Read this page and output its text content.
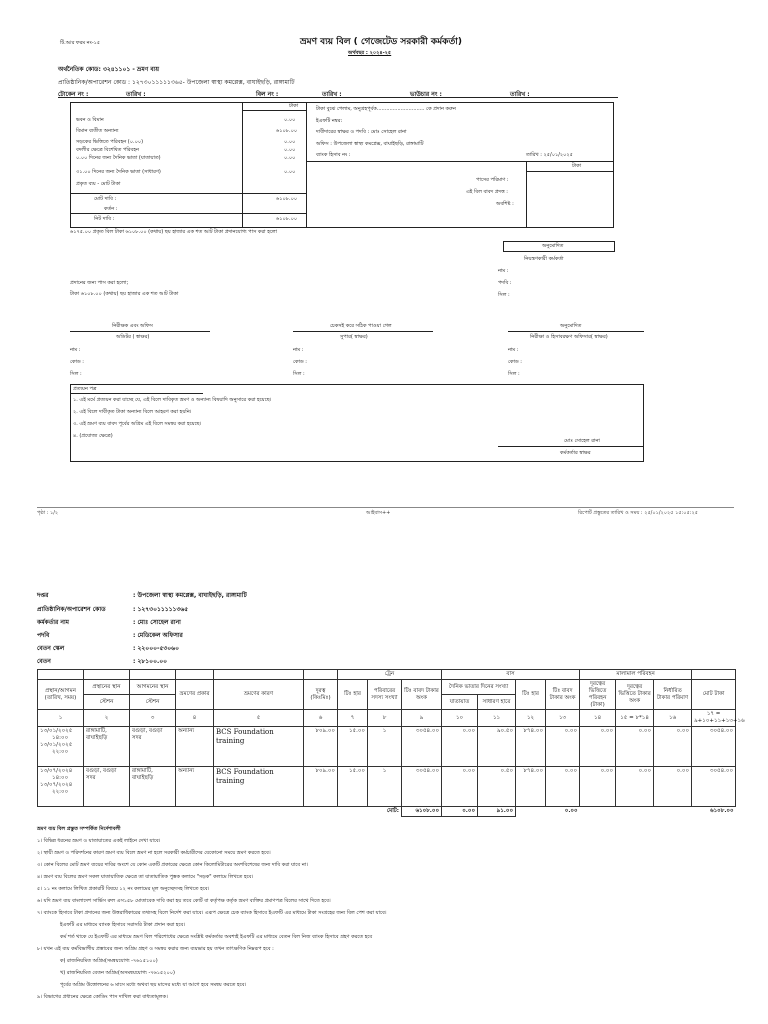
টি.আর ফরম নং-১৫	ভ্রমণ ব্যয় বিল ( গেজেটেড সরকারী কর্মকর্তা)
অর্থবছর : ২০২৪-২৫
অর্থনৈতিক কোড: ৩২৪১১০১ - ভ্রমণ ব্যয়
প্রাতিষ্ঠানিক/অপারেশন কোড : ১২৭৩০১১১১১৩৬৫- উপজেলা স্বাস্থ্য কমপ্লেক্স, বাঘাইছড়ি, রাঙ্গামাটি
টোকেন নং :	তারিখ :	বিল নং :	তারিখ :	ভাউচার নং :	তারিখ :
টাকা
ভবন ও বিমান	০.০০
বিমান ব্যতীত অন্যান্য	৬১০৮.০০
সড়কের ভিত্তিতে পরিবহন (০.০০)	০.০০
বদলীর ক্ষেত্রে বিশেষিত পরিবহন	০.০০
০.০০ দিনের জন্য দৈনিক ভাতা (যাতায়াত)	০.০০
৩১.০০ দিনের জন্য দৈনিক ভাতা (সাধারণ)	০.০০
প্রকৃত ব্যয় - মোট টাকা
মোট দাবি :	৬১০৮.০০
কর্তন :
নিট দাবি :	৬১০৮.০০
টাকা বুঝে পেলাম, অনুগ্রহপূর্বক.............................. কে প্রদান করুন
ইএফটি নম্বর:
দাবীদারের স্বাক্ষর ও পদবি : মোঃ সোহেল রানা
অফিস : উপজেলা স্বাস্থ্য কমপ্লেক্স, বাঘাইছড়ি, রাঙ্গামাটি
ব্যাংক হিসাব নং :	তারিখ : ২৫/০১/২০২৫
টাকা
পাসের পরিমাণ :
এই বিল বাবদ প্রদত্ত :
অবশিষ্ট :
৬১৭৫.০০ প্রকৃত বিল টাকা ৬১০৮.০০ (কথায়) ছয় হাজার এক শত আট টাকা প্রদানযোগ্য পাস করা হলো
অনুমোদিত
নিয়ন্ত্রণকারী কর্মকর্তা
নাম :
পদবি :
সিল :
প্রদানের জন্য পাস করা হলো;
টাকা ৬১০৮.০০ (কথায়) ছয় হাজার এক শত আট টাকা
নিরীক্ষক এবং অফিস
অডিটর ( স্বাক্ষর)
নাম :
কোড :
সিল :
চেকসই করে সঠিক পাওয়া গেল
সুপার( স্বাক্ষর)
নাম :
কোড :
সিল :
অনুমোদিত
নিরীক্ষা ও হিসাবরক্ষণ অফিসার( স্বাক্ষর)
নাম :
কোড :
সিল :
প্রত্যয়ন পত্র
১. এই মর্মে প্রত্যয়ন করা যাচ্ছে যে, এই বিলে দাবিকৃত ভ্রমণ ও অন্যান্য বিষয়াদি অনুসারে করা হয়েছে।
২. এই বিলে দাবীকৃত টাকা অন্যান্য বিলে আহরণ করা হয়নি।
৩. এই ভ্রমণ ব্যয় বাবদ পূর্বের অগ্রিম এই বিলে সমন্বয় করা হয়েছে।
৪. (প্রযোজ্য ক্ষেত্রে)
মোঃ সোহেল রানা
কর্মকর্তার স্বাক্ষর
পৃষ্ঠা : ১/২	আইবাস++	রিপোর্ট প্রস্তুতের তারিখ ও সময় : ২৫/০১/২০২৫ ১৫:০৫:২৫
দপ্তর	: উপজেলা স্বাস্থ্য কমপ্লেক্স, বাঘাইছড়ি, রাঙ্গামাটি
প্রাতিষ্ঠানিক/অপারেশন কোড	: ১২৭৩০১১১১১৩৬৫
কর্মকর্তার নাম	: মোঃ সোহেল রানা
পদবি	: মেডিকেল অফিসার
বেতন স্কেল	: ২২০০০-৫৩০৬০
বেতন	: ২৮১০০.০০
						ট্রেন			বাস				মালামাল পরিবহন			
প্রস্থান/আগমন (তারিখ, সময়)	প্রস্থানের স্থান	আগমনের স্থান	ভ্রমণের প্রকার	ভ্রমণের কারণ	দূরত্ব (কিঃমিঃ)	টিঃ হার	পরিবারের সদস্য সংখ্যা	টিঃ বাবদ টাকার অংক	দৈনিক ভাতার দিনের সংখ্যা		টিঃ হার	টিঃ বাবদ টাকার অংক	দূরত্বের ভিত্তিতে পরিবহন (টাকা)	দূরত্বের ভিত্তিতে টাকার অংক	নির্ধারিত টাকার পরিমাণ	মোট টাকা
	স্টেশন	স্টেশন							যাতায়াত	সাধারণ হারে						
১	২	৩	৪	৫	৬	৭	৮	৯	১০	১১	১২	১৩	১৪	১৫ = ৮*১৪	১৬	১৭ = ৯+১০+১১+১৩+১৬

১৩/০১/২০২৫
১৪:০০
১৩/০১/২০২৫
২২:০০	রাঙ্গামাটি, বাঘাইছড়ি	বগুড়া, বগুড়া সদর	অন্যান্য	BCS Foundation training	৮০৯.০০	১৫.০০	১	৩০৫৪.০০	০.০০	৯০.৫০	৮৭৪.০০	০.০০	০.০০	০.০০	০.০০	৩০৫৪.০০

১৩/০৭/২০২৪
১৪:০০
১৩/০৭/২০২৪
২২:০০	বগুড়া, বগুড়া সদর	রাঙ্গামাটি, বাঘাইছড়ি	অন্যান্য	BCS Foundation training	৮০৯.০০	১৫.০০	১	৩০৫৪.০০	০.০০	০.৫০	৮৭৪.০০	০.০০	০.০০	০.০০	০.০০	৩০৫৪.০০
মোট:								৬১০৮.০০	০.০০	৯১.০০		০.০০				৬১০৮.০০
ভ্রমণ ব্যয় বিল প্রস্তুত সম্পর্কিত নির্দেশাবলী
১। বিভিন্ন ধরনের ভ্রমণ ও যাতায়াতের একই লাইনে দেখা যাবে।
২। স্থায়ী ভ্রমণ ও পরিদর্শনের কারণ ভ্রমণ ব্যয় বিলে ভ্রমণ না হলে সরকারী কর্মচারীদের যেকোনো সময়ে ভ্রমণ করতে হবে।
৩। কোন বিলের মোট ভ্রমণ ব্যয়ের দাবির অংশে যে কোন একটি প্রকারের ক্ষেত্রে কোন কিলোমিটারের অংশবিশেষের জন্য দাবি করা যাবে না।
৪। ভ্রমণ ব্যয় বিলের ভ্রমণ সকল যাতায়াতিক ক্ষেত্রে তা যাতায়াতিক পুস্তক কলামে "সড়ক" কলামে লিখতে হবে।
৫। ১১ নং কলামে লিখিত প্রকারটি বিষয়ে ১২ নং কলামের মূল অনুচ্ছেদসহ লিখতে হবে।
৬। যদি ভ্রমণ ব্যয় বাংলাদেশ সার্ভিস রুল এস১৫৮ মোতাবেক দাবি করা হয় তবে কোর্ট বা কর্তৃপক্ষ কর্তৃক ভ্রমণ ব্যক্তির প্রমাণপত্র বিলের সাথে দিতে হবে।
৭। ব্যাংকে হিসাবে টাকা প্রদানের জন্য উত্তরাধিকারের তথ্যসহ বিলে নির্দেশ করা যাবে। এরূপ ক্ষেত্রে চেক ব্যাংক হিসাবে ইএফটি এর মাধ্যমে টাকা সংগ্রহের জন্য বিল পেশ করা যাবে।
ইএফটি এর মাধ্যমে ব্যাংক হিসাবে সরাসরি টাকা প্রদান করা হবে।
কর্ম শর্ত থাকে যে ইএফটি এর মাধ্যমে ভ্রমণ বিল পরিশোধের ক্ষেত্রে সংশ্লিষ্ট কর্মকর্তার অবশ্যই ইএফটি এর মাধ্যমে বেতন বিল নিজ ব্যাংক হিসাবে গ্রহণ করতে হবে
৮। যখন এই ব্যয় কর্মবিভাগীয় প্রস্তাবের জন্য অগ্রিম গ্রহণ ও সমন্বয় করার জন্য ব্যয়ভার হয় তখন তাৎক্ষণিক নিম্নরূপ হবে :
ক) রাজনিয়মিত অগ্রিম(সমন্বয়যোগ্য -৭৬১৫১০০)
খ) রাজনিয়মিত বেতন অগ্রিম(অসমন্বয়যোগ্য -৭৬১৫২০০)
পূর্বের অগ্রিম উত্তোলনের ৬ মাসে মধ্যে অথবা ছয় মাসের মধ্যে যা আগে হবে সমন্বয় করতে হবে।
৯। বিভাগের প্রধানের ক্ষেত্রে কোডিং পাস দাখিল করা বাধ্যতামূলক।
